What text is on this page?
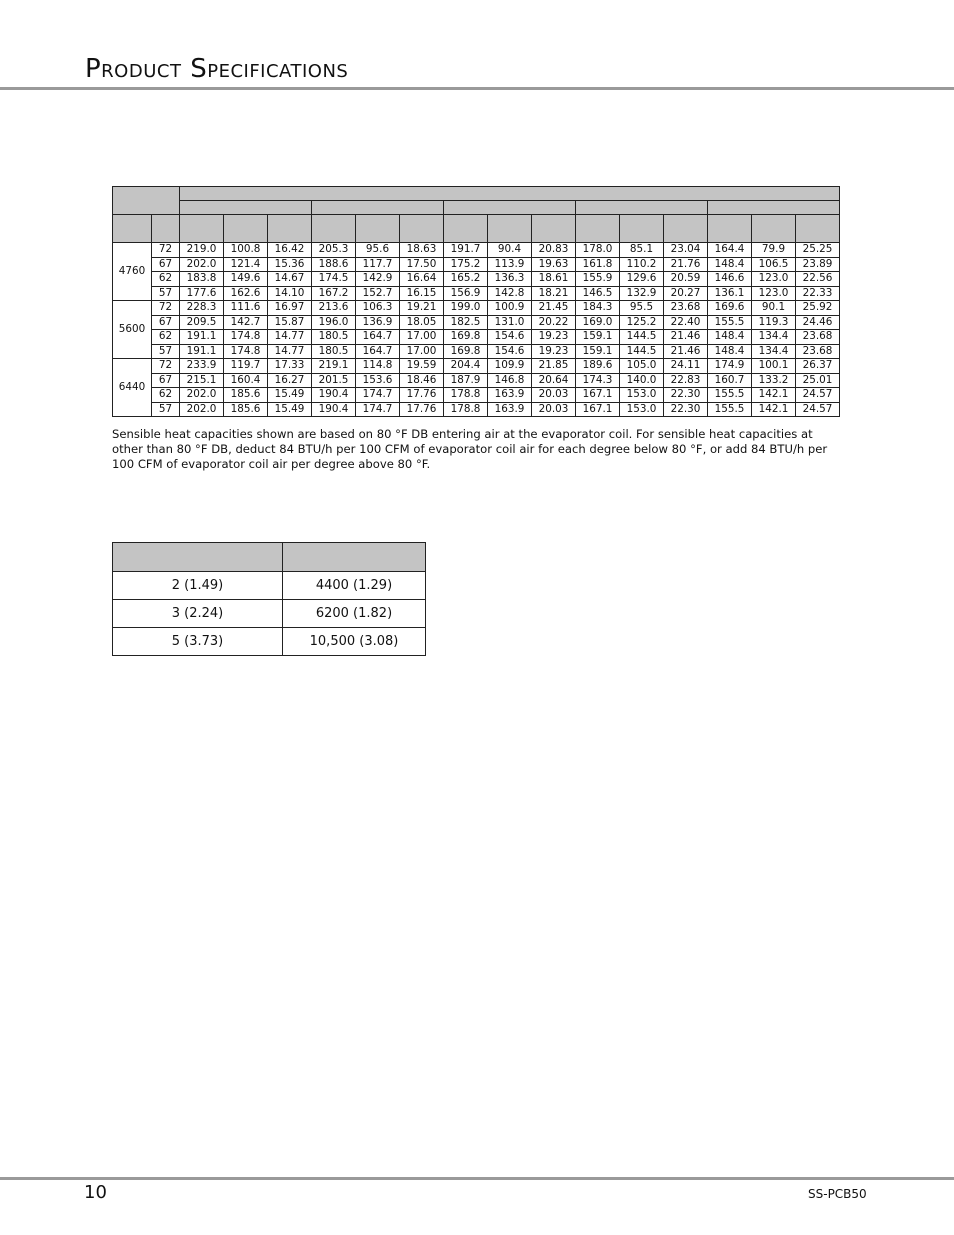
Product Specifications

4760	72	219.0	100.8	16.42	205.3	95.6	18.63	191.7	90.4	20.83	178.0	85.1	23.04	164.4	79.9	25.25
	67	202.0	121.4	15.36	188.6	117.7	17.50	175.2	113.9	19.63	161.8	110.2	21.76	148.4	106.5	23.89
	62	183.8	149.6	14.67	174.5	142.9	16.64	165.2	136.3	18.61	155.9	129.6	20.59	146.6	123.0	22.56
	57	177.6	162.6	14.10	167.2	152.7	16.15	156.9	142.8	18.21	146.5	132.9	20.27	136.1	123.0	22.33
5600	72	228.3	111.6	16.97	213.6	106.3	19.21	199.0	100.9	21.45	184.3	95.5	23.68	169.6	90.1	25.92
	67	209.5	142.7	15.87	196.0	136.9	18.05	182.5	131.0	20.22	169.0	125.2	22.40	155.5	119.3	24.46
	62	191.1	174.8	14.77	180.5	164.7	17.00	169.8	154.6	19.23	159.1	144.5	21.46	148.4	134.4	23.68
	57	191.1	174.8	14.77	180.5	164.7	17.00	169.8	154.6	19.23	159.1	144.5	21.46	148.4	134.4	23.68
6440	72	233.9	119.7	17.33	219.1	114.8	19.59	204.4	109.9	21.85	189.6	105.0	24.11	174.9	100.1	26.37
	67	215.1	160.4	16.27	201.5	153.6	18.46	187.9	146.8	20.64	174.3	140.0	22.83	160.7	133.2	25.01
	62	202.0	185.6	15.49	190.4	174.7	17.76	178.8	163.9	20.03	167.1	153.0	22.30	155.5	142.1	24.57
	57	202.0	185.6	15.49	190.4	174.7	17.76	178.8	163.9	20.03	167.1	153.0	22.30	155.5	142.1	24.57

Sensible heat capacities shown are based on 80 °F DB entering air at the evaporator coil. For sensible heat capacities at other than 80 °F DB, deduct 84 BTU/h per 100 CFM of evaporator coil air for each degree below 80 °F, or add 84 BTU/h per 100 CFM of evaporator coil air per degree above 80 °F.

2 (1.49)	4400 (1.29)
3 (2.24)	6200 (1.82)
5 (3.73)	10,500 (3.08)
10	SS-PCB50
